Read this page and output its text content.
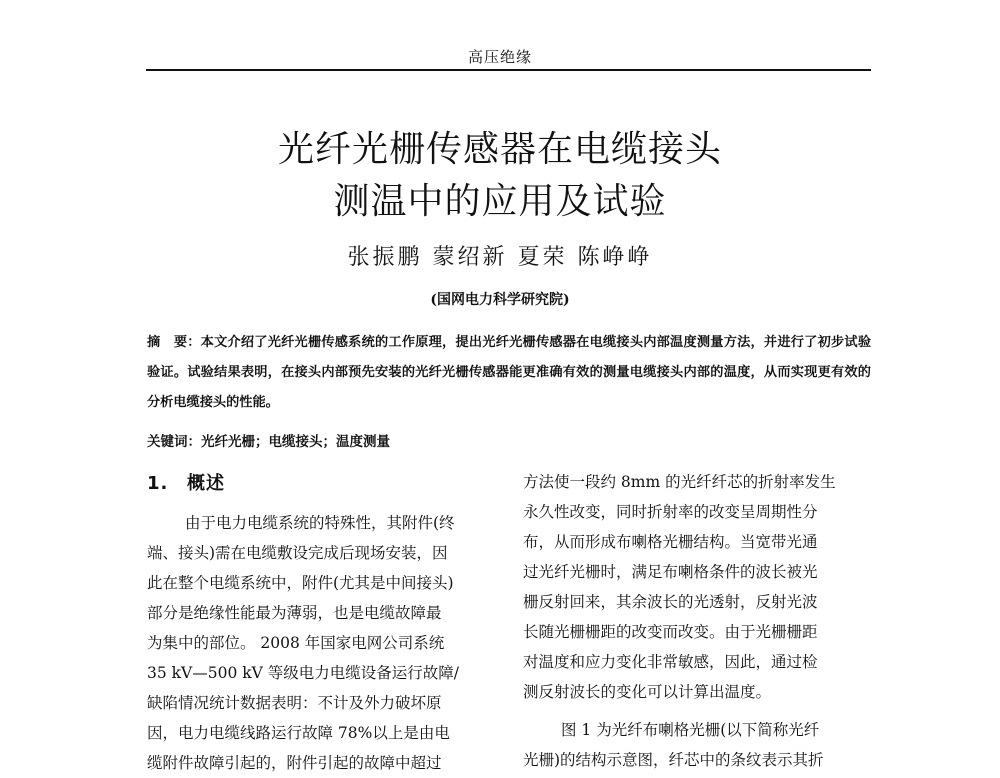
高压绝缘
光纤光栅传感器在电缆接头
测温中的应用及试验
张振鹏 蒙绍新 夏荣 陈峥峥
(国网电力科学研究院)

摘　要：本文介绍了光纤光栅传感系统的工作原理，提出光纤光栅传感器在电缆接头内部温度测量方法，并进行了初步试验验证。试验结果表明，在接头内部预先安装的光纤光栅传感器能更准确有效的测量电缆接头内部的温度，从而实现更有效的分析电缆接头的性能。

关键词：光纤光栅；电缆接头；温度测量
1. 概述
由于电力电缆系统的特殊性，其附件(终
端、接头)需在电缆敷设完成后现场安装，因
此在整个电缆系统中，附件(尤其是中间接头)
部分是绝缘性能最为薄弱，也是电缆故障最
为集中的部位。 2008 年国家电网公司系统
35 kV—500 kV 等级电力电缆设备运行故障/
缺陷情况统计数据表明：不计及外力破坏原
因，电力电缆线路运行故障 78%以上是由电
缆附件故障引起的，附件引起的故障中超过
方法使一段约 8mm 的光纤纤芯的折射率发生
永久性改变，同时折射率的改变呈周期性分
布，从而形成布喇格光栅结构。当宽带光通
过光纤光栅时，满足布喇格条件的波长被光
栅反射回来，其余波长的光透射，反射光波
长随光栅栅距的改变而改变。由于光栅栅距
对温度和应力变化非常敏感，因此，通过检
测反射波长的变化可以计算出温度。
图 1 为光纤布喇格光栅(以下简称光纤
光栅)的结构示意图，纤芯中的条纹表示其折
